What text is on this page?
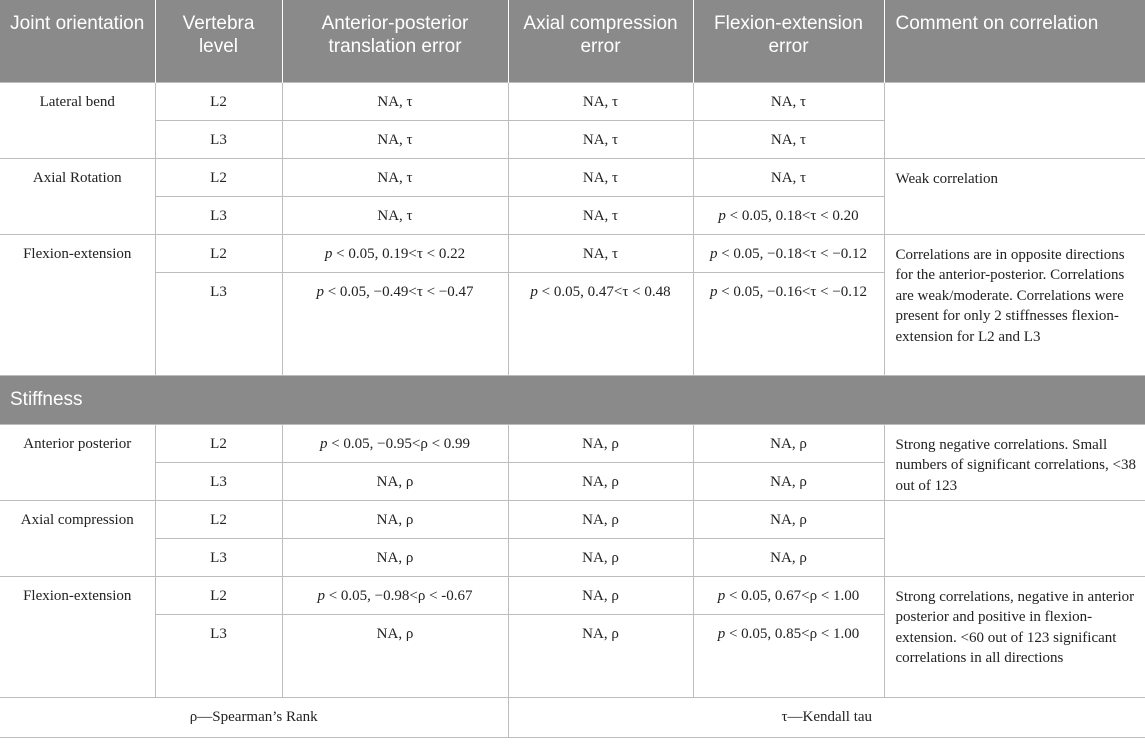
Joint orientation	Vertebra level	Anterior-posterior translation error	Axial compression error	Flexion-extension error	Comment on correlation
Lateral bend	L2	NA, τ	NA, τ	NA, τ	
	L3	NA, τ	NA, τ	NA, τ	
Axial Rotation	L2	NA, τ	NA, τ	NA, τ	Weak correlation
	L3	NA, τ	NA, τ	p < 0.05, 0.18<τ < 0.20	
Flexion-extension	L2	p < 0.05, 0.19<τ < 0.22	NA, τ	p < 0.05, −0.18<τ < −0.12	Correlations are in opposite directions for the anterior-posterior. Correlations are weak/moderate. Correlations were present for only 2 stiffnesses flexion-extension for L2 and L3
	L3	p < 0.05, −0.49<τ < −0.47	p < 0.05, 0.47<τ < 0.48	p < 0.05, −0.16<τ < −0.12	
Stiffness					
Anterior posterior	L2	p < 0.05, −0.95<ρ < 0.99	NA, ρ	NA, ρ	Strong negative correlations. Small numbers of significant correlations, <38 out of 123
	L3	NA, ρ	NA, ρ	NA, ρ	
Axial compression	L2	NA, ρ	NA, ρ	NA, ρ	
	L3	NA, ρ	NA, ρ	NA, ρ	
Flexion-extension	L2	p < 0.05, −0.98<ρ < -0.67	NA, ρ	p < 0.05, 0.67<ρ < 1.00	Strong correlations, negative in anterior posterior and positive in flexion-extension. <60 out of 123 significant correlations in all directions
	L3	NA, ρ	NA, ρ	p < 0.05, 0.85<ρ < 1.00	
ρ—Spearman’s Rank			τ—Kendall tau		
